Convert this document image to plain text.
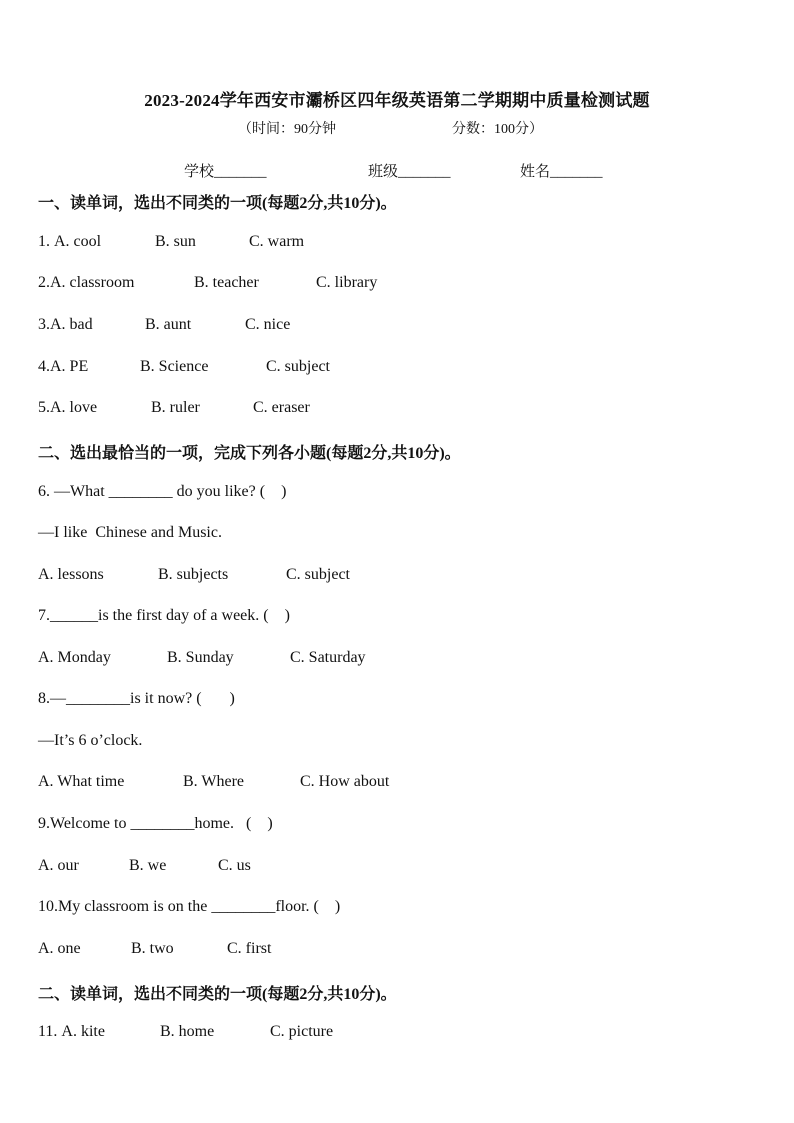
2023-2024学年西安市灞桥区四年级英语第二学期期中质量检测试题
（时间：90分钟	分数：100分）
学校_______	班级_______	姓名_______
一、读单词，选出不同类的一项(每题2分,共10分)。
1. A. cool	B. sun	C. warm
2.A. classroom	B. teacher	C. library
3.A. bad	B. aunt	C. nice
4.A. PE	B. Science	C. subject
5.A. love	B. ruler	C. eraser
二、选出最恰当的一项，完成下列各小题(每题2分,共10分)。
6. —What ________ do you like? (    )
—I like  Chinese and Music.
A. lessons	B. subjects	C. subject
7.______is the first day of a week. (    )
A. Monday	B. Sunday	C. Saturday
8.—________is it now? (       )
—It’s 6 o’clock.
A. What time	B. Where	C. How about
9.Welcome to ________home.   (    )
A. our	B. we	C. us
10.My classroom is on the ________floor. (    )
A. one	B. two	C. first
二、读单词，选出不同类的一项(每题2分,共10分)。
11. A. kite	B. home	C. picture
